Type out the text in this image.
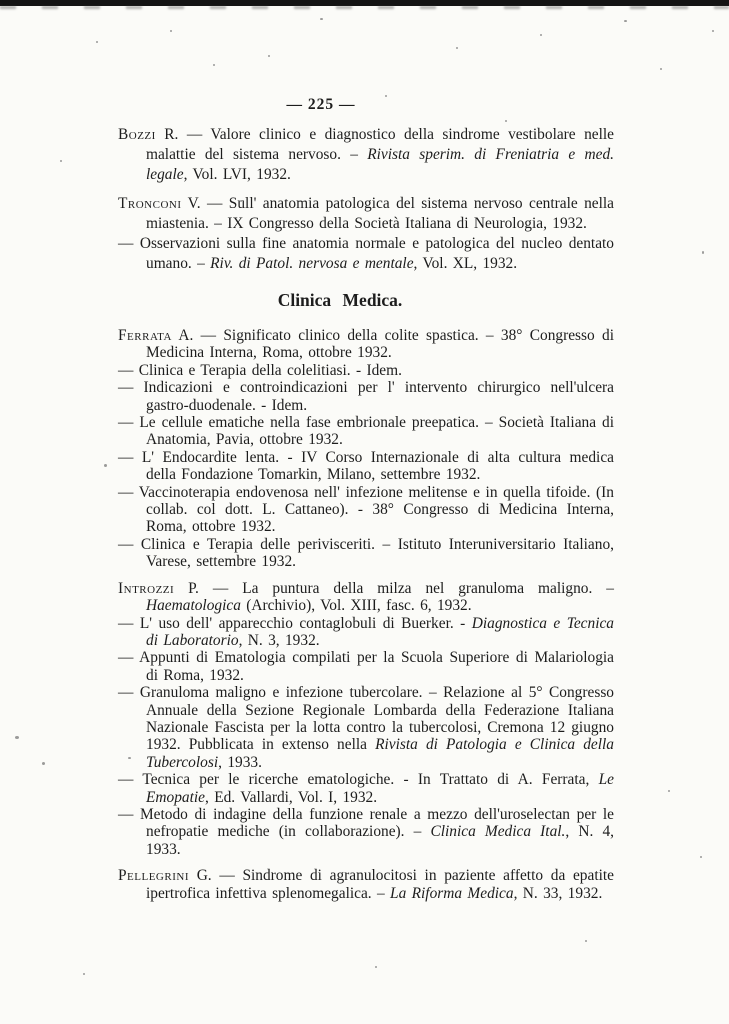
— 225 —

Bozzi R. — Valore clinico e diagnostico della sindrome vestibolare nelle malattie del sistema nervoso. – Rivista sperim. di Freniatria e med. legale, Vol. LVI, 1932.

Tronconi V. — Sull' anatomia patologica del sistema nervoso centrale nella miastenia. – IX Congresso della Società Italiana di Neurologia, 1932.

— Osservazioni sulla fine anatomia normale e patologica del nucleo dentato umano. – Riv. di Patol. nervosa e mentale, Vol. XL, 1932.

Clinica Medica.

Ferrata A. — Significato clinico della colite spastica. – 38° Congresso di Medicina Interna, Roma, ottobre 1932.

— Clinica e Terapia della colelitiasi. - Idem.

— Indicazioni e controindicazioni per l' intervento chirurgico nell'ulcera gastro-duodenale. - Idem.

— Le cellule ematiche nella fase embrionale preepatica. – Società Italiana di Anatomia, Pavia, ottobre 1932.

— L' Endocardite lenta. - IV Corso Internazionale di alta cultura medica della Fondazione Tomarkin, Milano, settembre 1932.

— Vaccinoterapia endovenosa nell' infezione melitense e in quella tifoide. (In collab. col dott. L. Cattaneo). - 38° Congresso di Medicina Interna, Roma, ottobre 1932.

— Clinica e Terapia delle perivisceriti. – Istituto Interuniversitario Italiano, Varese, settembre 1932.

Introzzi P. — La puntura della milza nel granuloma maligno. – Haematologica (Archivio), Vol. XIII, fasc. 6, 1932.

— L' uso dell' apparecchio contaglobuli di Buerker. - Diagnostica e Tecnica di Laboratorio, N. 3, 1932.

— Appunti di Ematologia compilati per la Scuola Superiore di Malariologia di Roma, 1932.

— Granuloma maligno e infezione tubercolare. – Relazione al 5° Congresso Annuale della Sezione Regionale Lombarda della Federazione Italiana Nazionale Fascista per la lotta contro la tubercolosi, Cremona 12 giugno 1932. Pubblicata in extenso nella Rivista di Patologia e Clinica della Tubercolosi, 1933.

— Tecnica per le ricerche ematologiche. - In Trattato di A. Ferrata, Le Emopatie, Ed. Vallardi, Vol. I, 1932.

— Metodo di indagine della funzione renale a mezzo dell'uroselectan per le nefropatie mediche (in collaborazione). – Clinica Medica Ital., N. 4, 1933.

Pellegrini G. — Sindrome di agranulocitosi in paziente affetto da epatite ipertrofica infettiva splenomegalica. – La Riforma Medica, N. 33, 1932.
